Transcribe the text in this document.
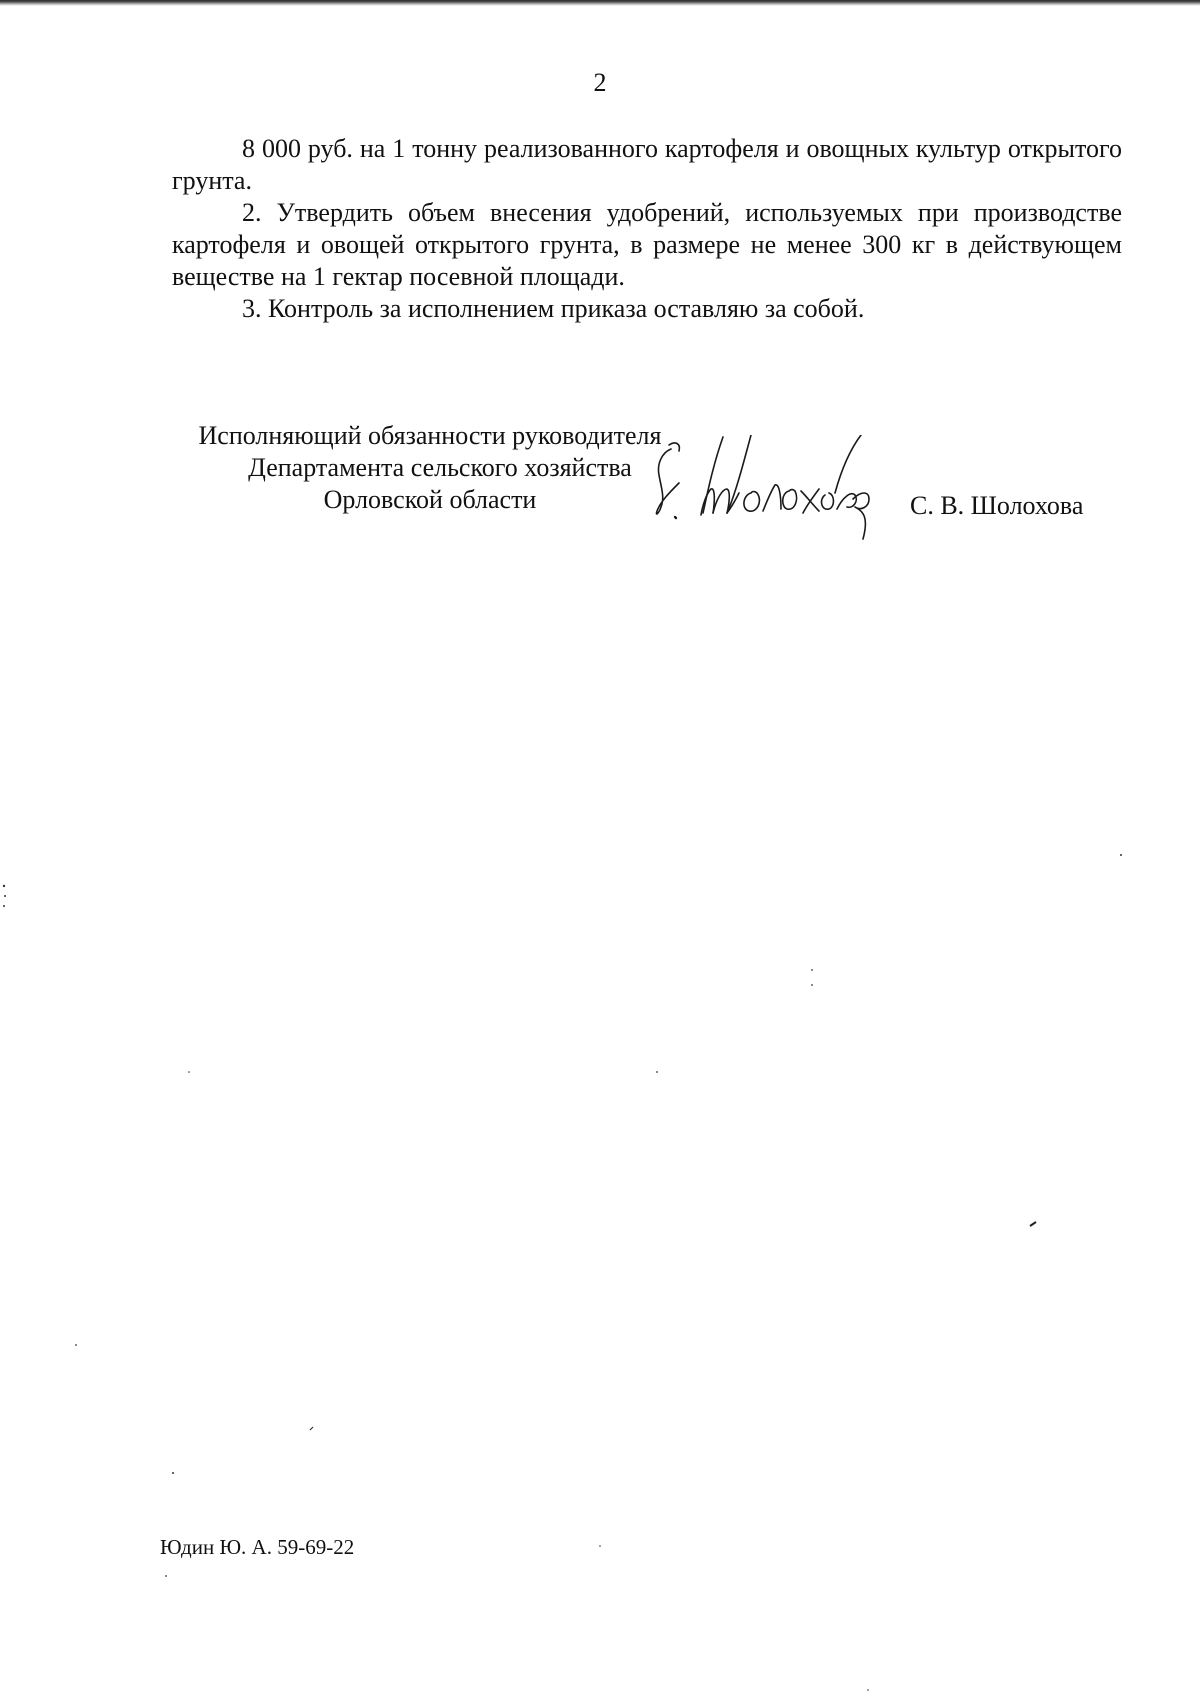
2

8 000 руб. на 1 тонну реализованного картофеля и овощных культур открытого грунта.

2. Утвердить объем внесения удобрений, используемых при производстве картофеля и овощей открытого грунта, в размере не менее 300 кг в действующем веществе на 1 гектар посевной площади.

3. Контроль за исполнением приказа оставляю за собой.

Исполняющий обязанности руководителя
Департамента сельского хозяйства
Орловской области	С. В. Шолохова
Юдин Ю. А. 59-69-22
